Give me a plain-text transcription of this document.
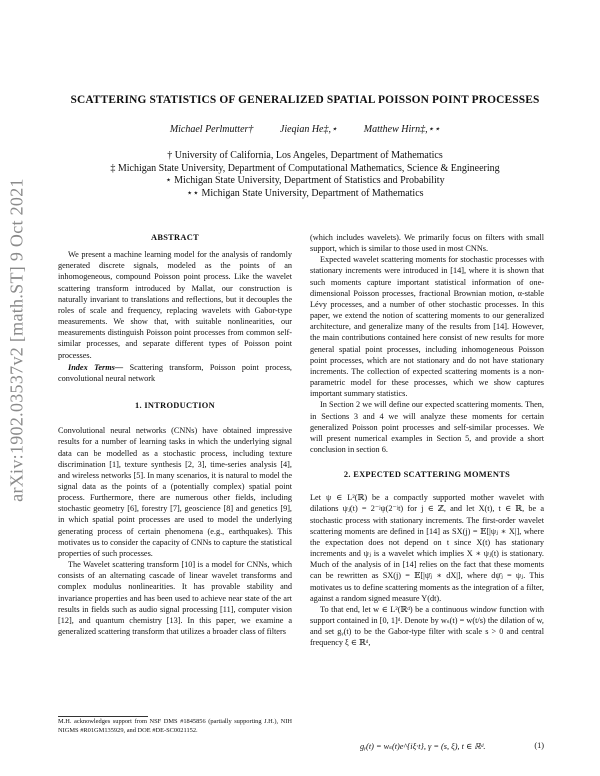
arXiv:1902.03537v2 [math.ST] 9 Oct 2021
SCATTERING STATISTICS OF GENERALIZED SPATIAL POISSON POINT PROCESSES
Michael Perlmutter†	Jieqian He‡,⋆	Matthew Hirn‡,⋆⋆
† University of California, Los Angeles, Department of Mathematics
‡ Michigan State University, Department of Computational Mathematics, Science & Engineering
⋆ Michigan State University, Department of Statistics and Probability
⋆⋆ Michigan State University, Department of Mathematics
ABSTRACT

We present a machine learning model for the analysis of randomly generated discrete signals, modeled as the points of an inhomogeneous, compound Poisson point process. Like the wavelet scattering transform introduced by Mallat, our construction is naturally invariant to translations and reflections, but it decouples the roles of scale and frequency, replacing wavelets with Gabor-type measurements. We show that, with suitable nonlinearities, our measurements distinguish Poisson point processes from common self-similar processes, and separate different types of Poisson point processes.

Index Terms— Scattering transform, Poisson point process, convolutional neural network

1. INTRODUCTION

Convolutional neural networks (CNNs) have obtained impressive results for a number of learning tasks in which the underlying signal data can be modelled as a stochastic process, including texture discrimination [1], texture synthesis [2, 3], time-series analysis [4], and wireless networks [5]. In many scenarios, it is natural to model the signal data as the points of a (potentially complex) spatial point process. Furthermore, there are numerous other fields, including stochastic geometry [6], forestry [7], geoscience [8] and genetics [9], in which spatial point processes are used to model the underlying generating process of certain phenomena (e.g., earthquakes). This motivates us to consider the capacity of CNNs to capture the statistical properties of such processes.

The Wavelet scattering transform [10] is a model for CNNs, which consists of an alternating cascade of linear wavelet transforms and complex modulus nonlinearities. It has provable stability and invariance properties and has been used to achieve near state of the art results in fields such as audio signal processing [11], computer vision [12], and quantum chemistry [13]. In this paper, we examine a generalized scattering transform that utilizes a broader class of filters

M.H. acknowledges support from NSF DMS #1845856 (partially supporting J.H.), NIH NIGMS #R01GM135929, and DOE #DE-SC0021152.

(which includes wavelets). We primarily focus on filters with small support, which is similar to those used in most CNNs.

Expected wavelet scattering moments for stochastic processes with stationary increments were introduced in [14], where it is shown that such moments capture important statistical information of one-dimensional Poisson processes, fractional Brownian motion, α-stable Lévy processes, and a number of other stochastic processes. In this paper, we extend the notion of scattering moments to our generalized architecture, and generalize many of the results from [14]. However, the main contributions contained here consist of new results for more general spatial point processes, including inhomogeneous Poisson point processes, which are not stationary and do not have stationary increments. The collection of expected scattering moments is a non-parametric model for these processes, which we show captures important summary statistics.

In Section 2 we will define our expected scattering moments. Then, in Sections 3 and 4 we will analyze these moments for certain generalized Poisson point processes and self-similar processes. We will present numerical examples in Section 5, and provide a short conclusion in section 6.

2. EXPECTED SCATTERING MOMENTS

Let ψ ∈ L²(ℝ) be a compactly supported mother wavelet with dilations ψⱼ(t) = 2⁻ʲψ(2⁻ʲt) for j ∈ ℤ, and let X(t), t ∈ ℝ, be a stochastic process with stationary increments. The first-order wavelet scattering moments are defined in [14] as SX(j) = 𝔼[|ψⱼ ∗ X|], where the expectation does not depend on t since X(t) has stationary increments and ψⱼ is a wavelet which implies X ∗ ψⱼ(t) is stationary. Much of the analysis of in [14] relies on the fact that these moments can be rewritten as SX(j) = 𝔼[|ψ̄ⱼ ∗ dX|], where dψ̄ⱼ = ψⱼ. This motivates us to define scattering moments as the integration of a filter, against a random signed measure Y(dt).

To that end, let w ∈ L²(ℝᵈ) be a continuous window function with support contained in [0, 1]ᵈ. Denote by wₛ(t) = w(t/s) the dilation of w, and set gᵧ(t) to be the Gabor-type filter with scale s > 0 and central frequency ξ ∈ ℝᵈ,

gᵧ(t) = wₛ(t)e^{iξ·t}, γ = (s, ξ), t ∈ ℝᵈ.	(1)
